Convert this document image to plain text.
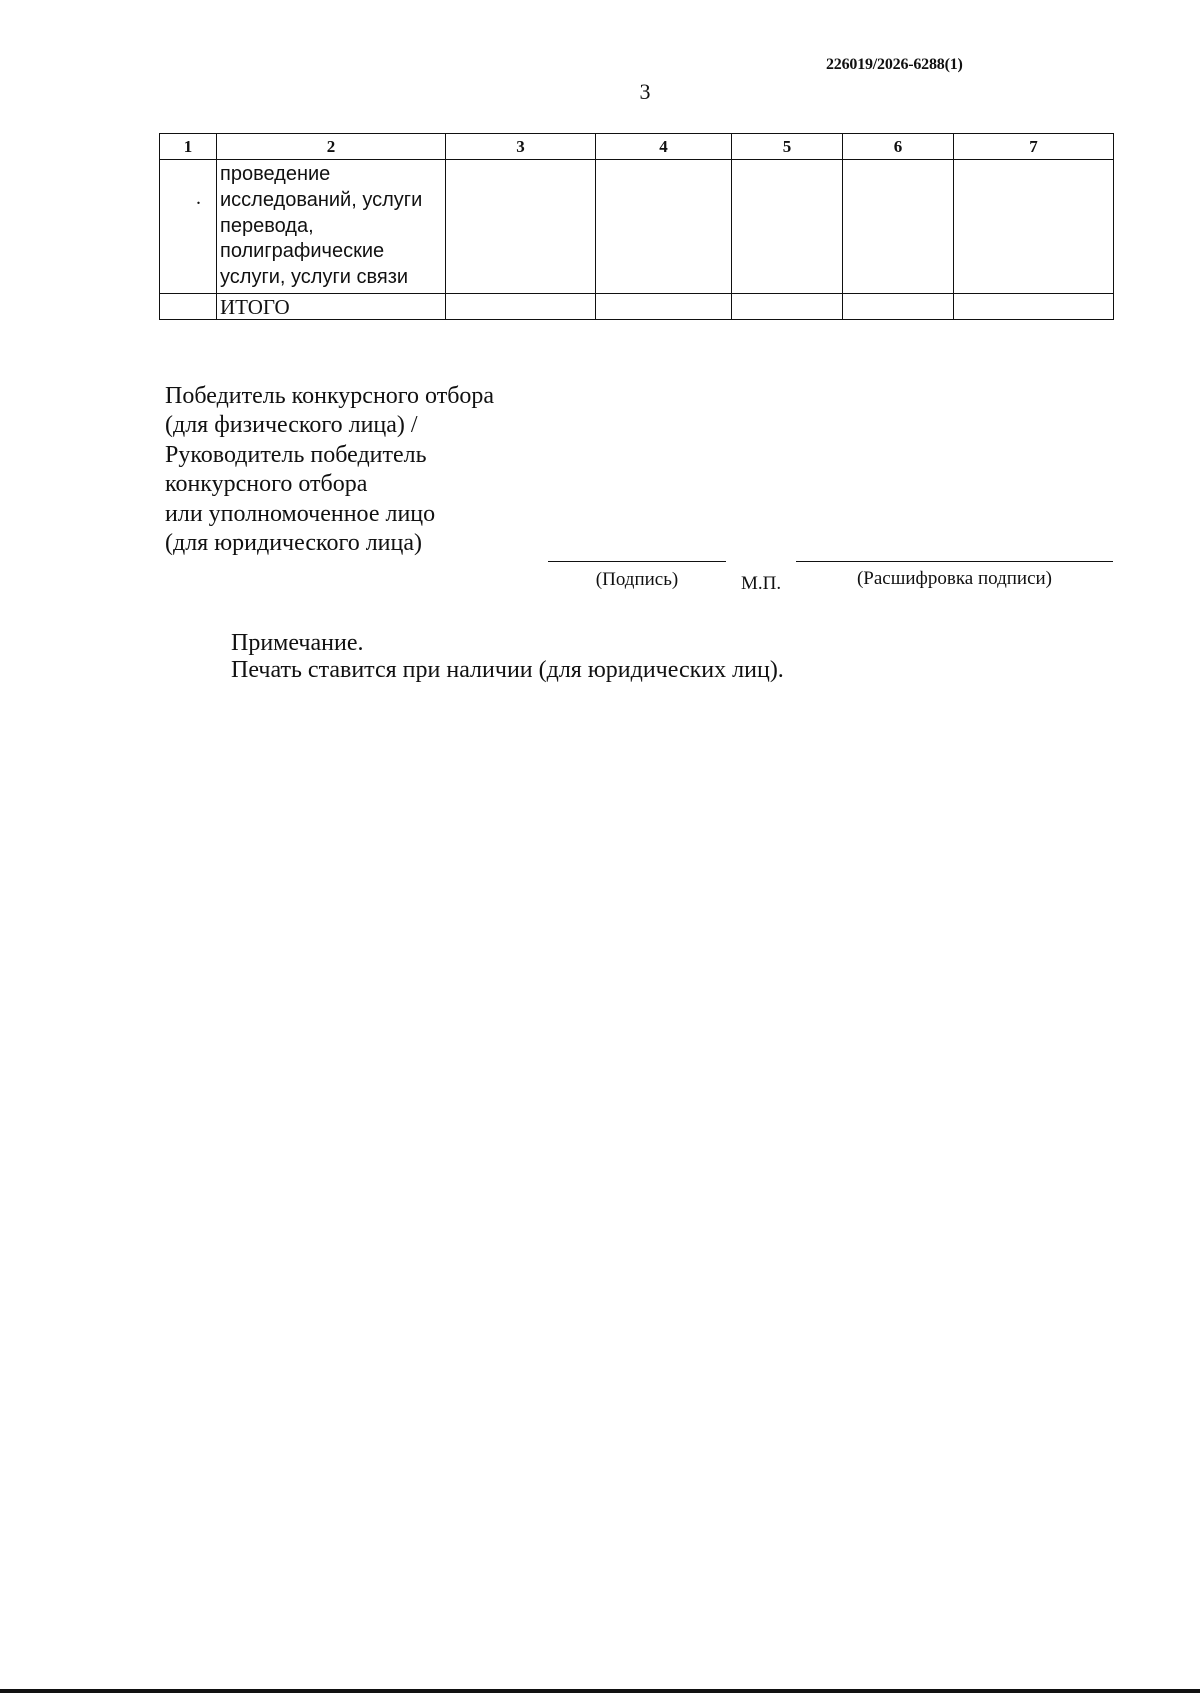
226019/2026-6288(1)
3
1	2	3	4	5	6	7

.	проведение
исследований, услуги
перевода,
полиграфические
услуги, услуги связи					

	ИТОГО					
Победитель конкурсного отбора
(для физического лица) /
Руководитель победитель
конкурсного отбора
или уполномоченное лицо
(для юридического лица)
(Подпись)	М.П.	(Расшифровка подписи)
Примечание.
Печать ставится при наличии (для юридических лиц).
